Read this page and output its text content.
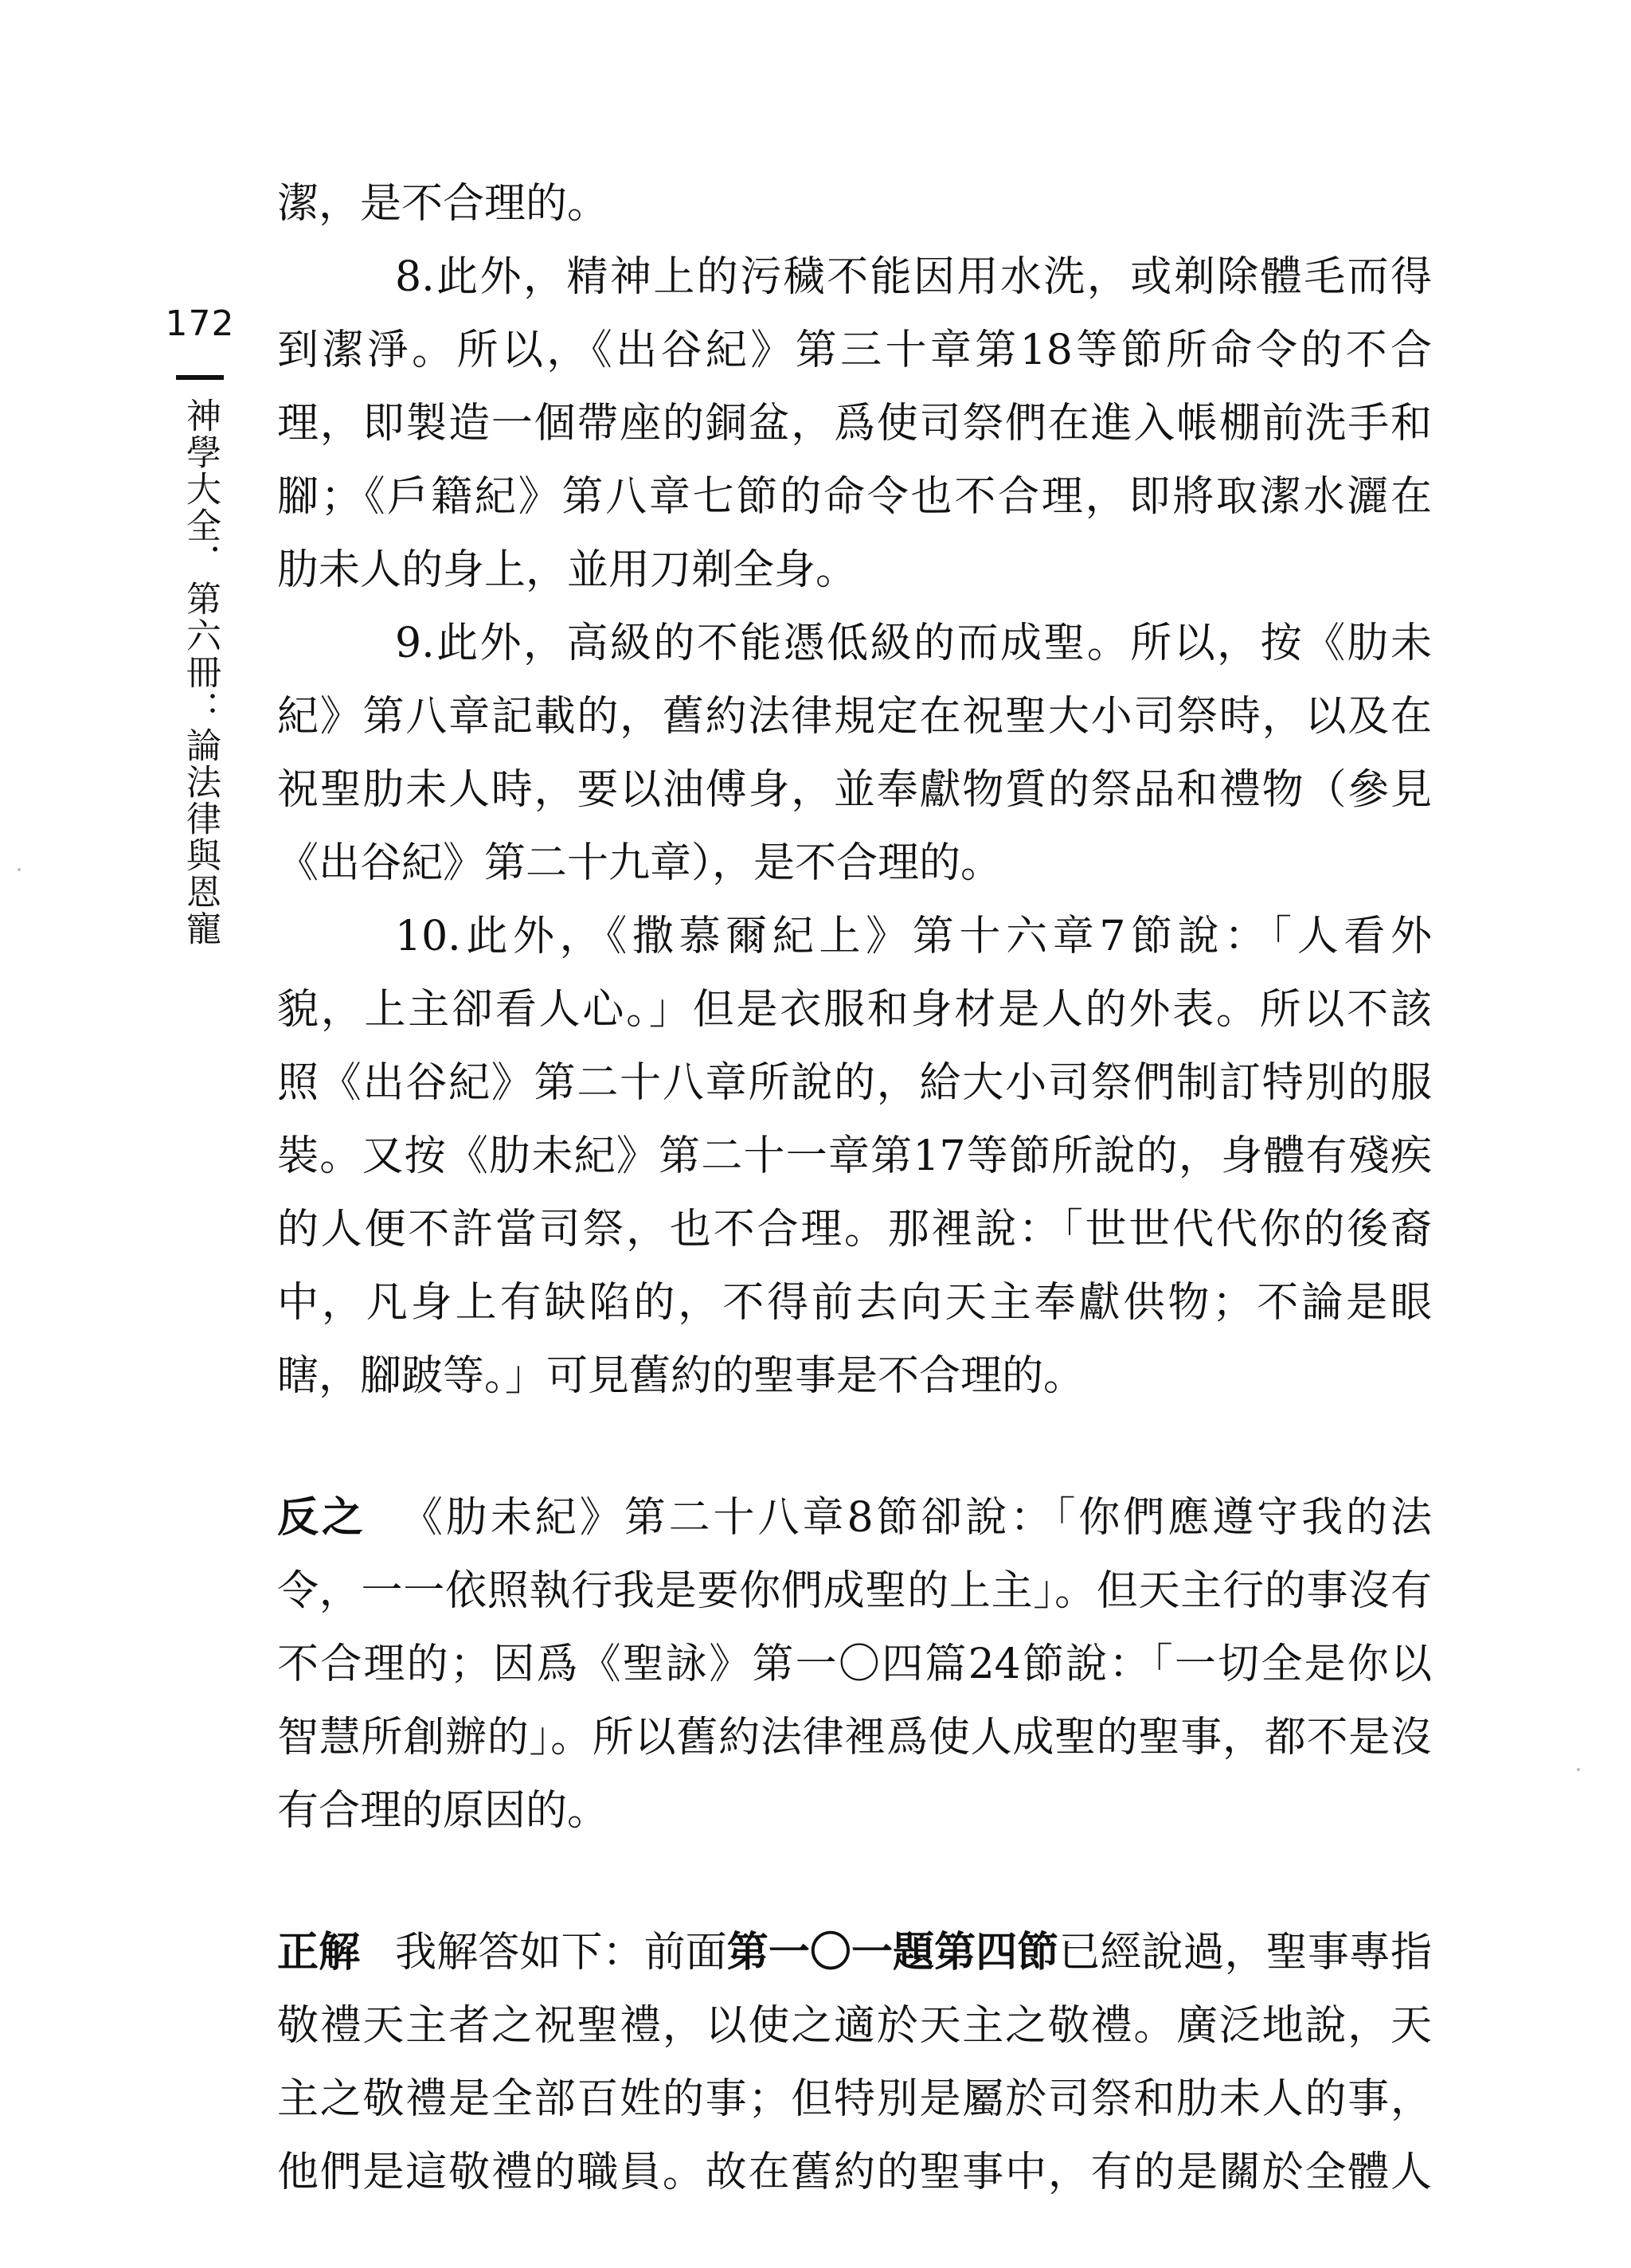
172
神學大全．第六冊：論法律與恩寵
潔，是不合理的。
8.此外，精神上的污穢不能因用水洗，或剃除體毛而得
到潔淨。所以，《出谷紀》第三十章第18等節所命令的不合
理，即製造一個帶座的銅盆，爲使司祭們在進入帳棚前洗手和
腳；《戶籍紀》第八章七節的命令也不合理，即將取潔水灑在
肋未人的身上，並用刀剃全身。
9.此外，高級的不能憑低級的而成聖。所以，按《肋未
紀》第八章記載的，舊約法律規定在祝聖大小司祭時，以及在
祝聖肋未人時，要以油傅身，並奉獻物質的祭品和禮物（參見
《出谷紀》第二十九章），是不合理的。
10.此外，《撒慕爾紀上》第十六章7節說：「人看外
貌，上主卻看人心。」但是衣服和身材是人的外表。所以不該
照《出谷紀》第二十八章所說的，給大小司祭們制訂特別的服
裝。又按《肋未紀》第二十一章第17等節所說的，身體有殘疾
的人便不許當司祭，也不合理。那裡說：「世世代代你的後裔
中，凡身上有缺陷的，不得前去向天主奉獻供物；不論是眼
瞎，腳跛等。」可見舊約的聖事是不合理的。
反之 《肋未紀》第二十八章8節卻說：「你們應遵守我的法
令，一一依照執行我是要你們成聖的上主」。但天主行的事沒有
不合理的；因爲《聖詠》第一〇四篇24節說：「一切全是你以
智慧所創辦的」。所以舊約法律裡爲使人成聖的聖事，都不是沒
有合理的原因的。
正解 我解答如下：前面第一〇一題第四節已經說過，聖事專指
敬禮天主者之祝聖禮，以使之適於天主之敬禮。廣泛地說，天
主之敬禮是全部百姓的事；但特別是屬於司祭和肋未人的事，
他們是這敬禮的職員。故在舊約的聖事中，有的是關於全體人
